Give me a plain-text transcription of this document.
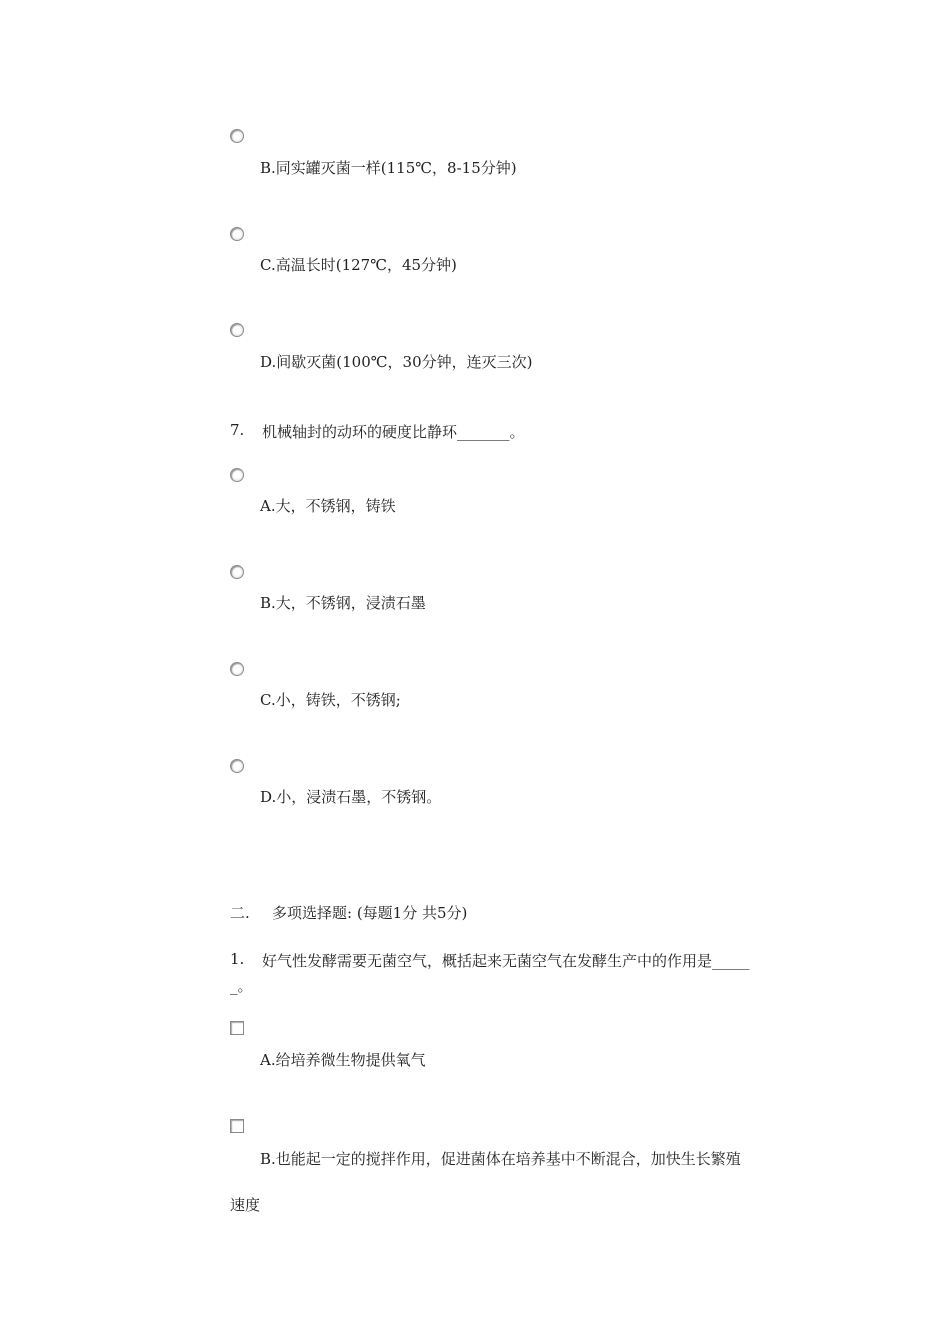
B.同实罐灭菌一样(115℃，8-15分钟)
C.高温长时(127℃，45分钟)
D.间歇灭菌(100℃，30分钟，连灭三次)
7. 机械轴封的动环的硬度比静环_______。
A.大，不锈钢，铸铁
B.大，不锈钢，浸渍石墨
C.小，铸铁，不锈钢;
D.小，浸渍石墨，不锈钢。
二. 多项选择题: (每题1分 共5分)
1. 好气性发酵需要无菌空气，概括起来无菌空气在发酵生产中的作用是_____
_。
A.给培养微生物提供氧气
B.也能起一定的搅拌作用，促进菌体在培养基中不断混合，加快生长繁殖
速度
